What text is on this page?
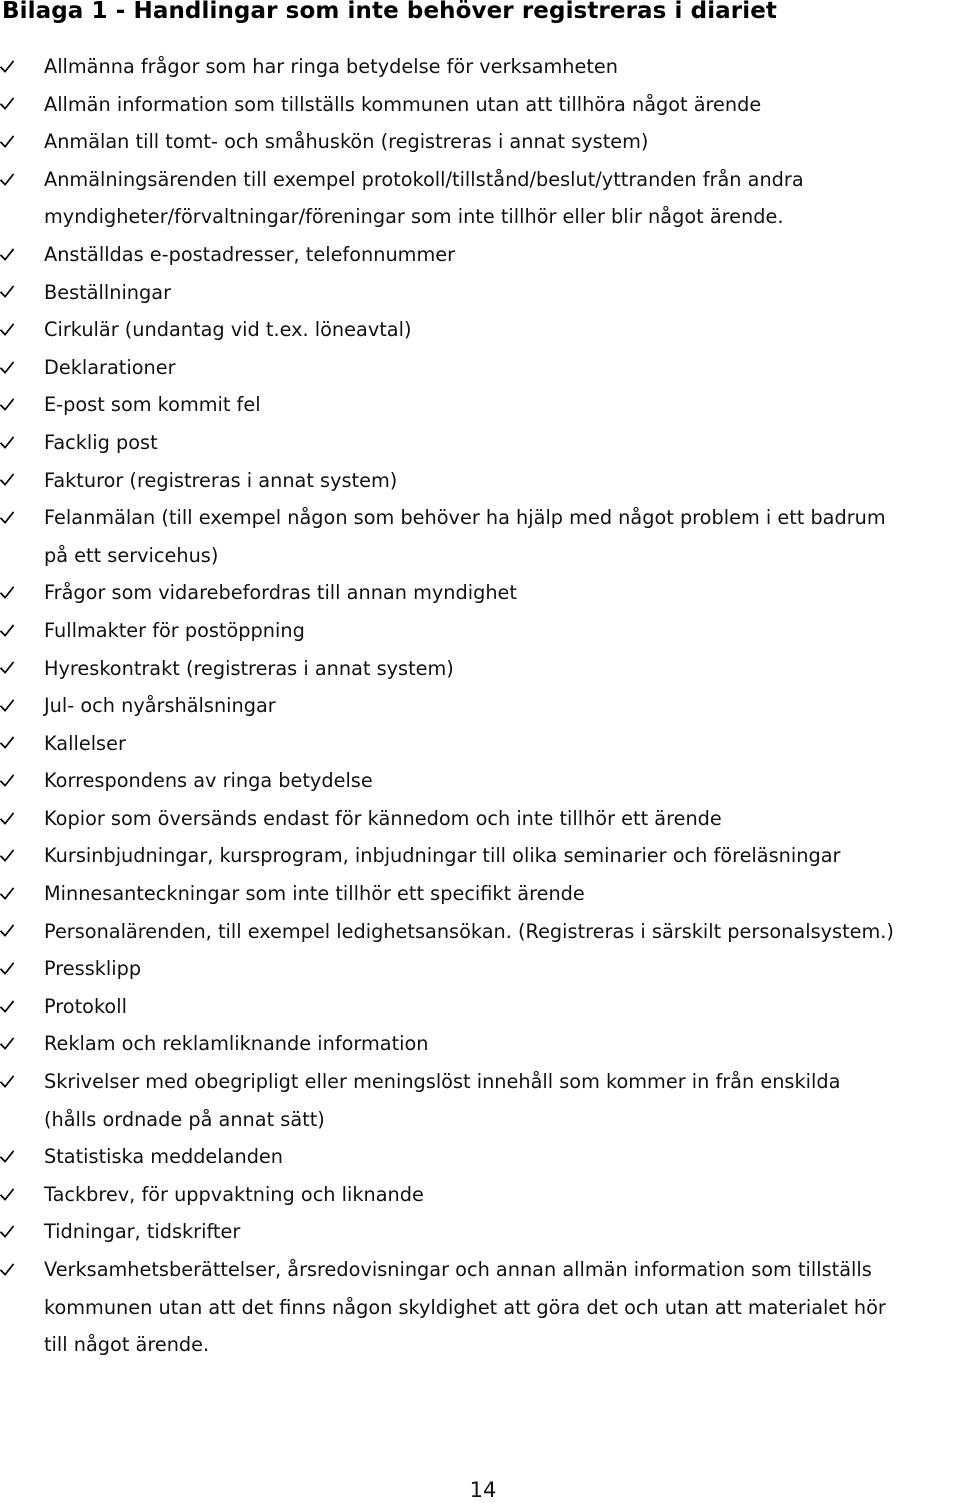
Bilaga 1 - Handlingar som inte behöver registreras i diariet
Allmänna frågor som har ringa betydelse för verksamheten
Allmän information som tillställs kommunen utan att tillhöra något ärende
Anmälan till tomt- och småhuskön (registreras i annat system)
Anmälningsärenden till exempel protokoll/tillstånd/beslut/yttranden från andra
myndigheter/förvaltningar/föreningar som inte tillhör eller blir något ärende.
Anställdas e-postadresser, telefonnummer
Beställningar
Cirkulär (undantag vid t.ex. löneavtal)
Deklarationer
E-post som kommit fel
Facklig post
Fakturor (registreras i annat system)
Felanmälan (till exempel någon som behöver ha hjälp med något problem i ett badrum
på ett servicehus)
Frågor som vidarebefordras till annan myndighet
Fullmakter för postöppning
Hyreskontrakt (registreras i annat system)
Jul- och nyårshälsningar
Kallelser
Korrespondens av ringa betydelse
Kopior som översänds endast för kännedom och inte tillhör ett ärende
Kursinbjudningar, kursprogram, inbjudningar till olika seminarier och föreläsningar
Minnesanteckningar som inte tillhör ett specifikt ärende
Personalärenden, till exempel ledighetsansökan. (Registreras i särskilt personalsystem.)
Pressklipp
Protokoll
Reklam och reklamliknande information
Skrivelser med obegripligt eller meningslöst innehåll som kommer in från enskilda
(hålls ordnade på annat sätt)
Statistiska meddelanden
Tackbrev, för uppvaktning och liknande
Tidningar, tidskrifter
Verksamhetsberättelser, årsredovisningar och annan allmän information som tillställs
kommunen utan att det finns någon skyldighet att göra det och utan att materialet hör
till något ärende.
14
